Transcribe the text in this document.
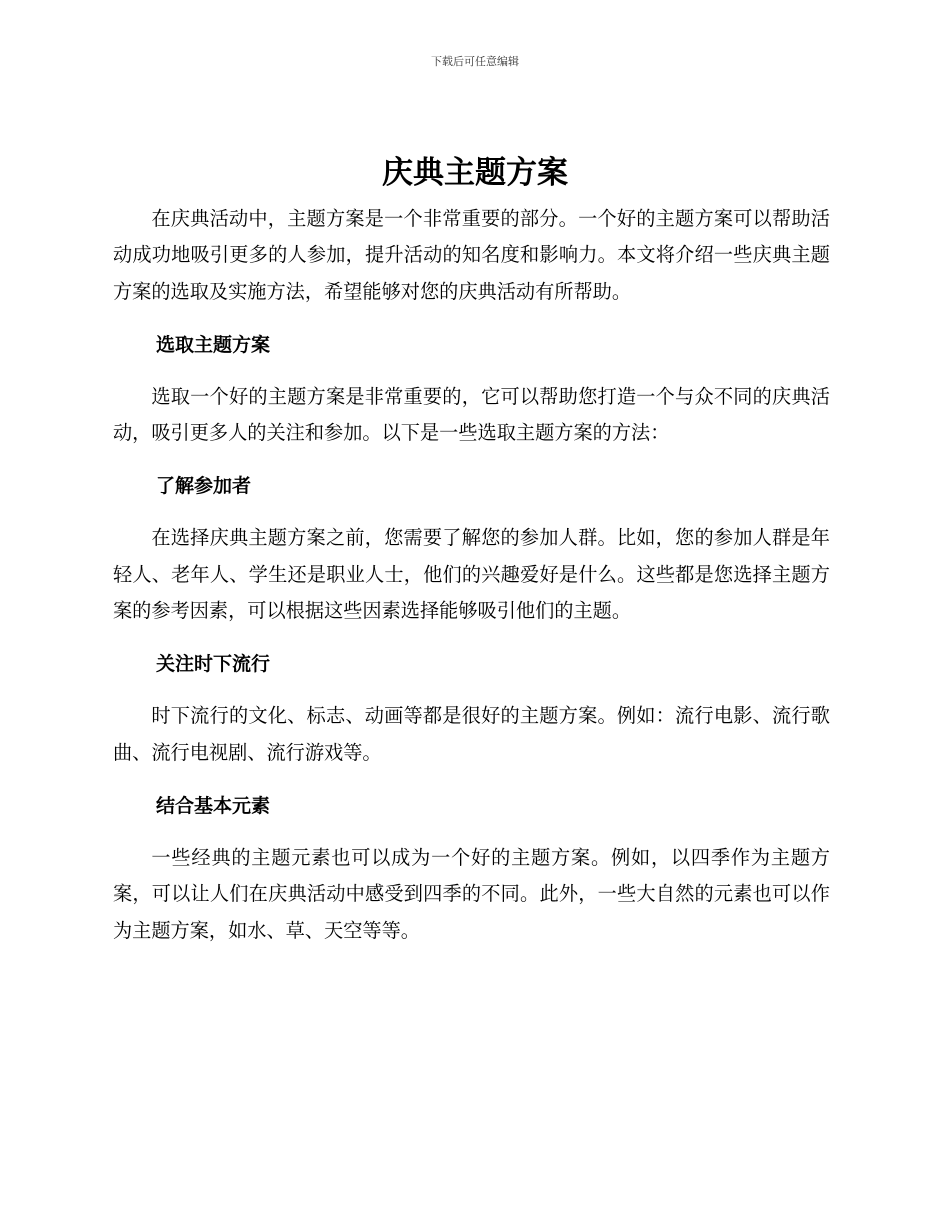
下载后可任意编辑
庆典主题方案

在庆典活动中，主题方案是一个非常重要的部分。一个好的主题方案可以帮助活动成功地吸引更多的人参加，提升活动的知名度和影响力。本文将介绍一些庆典主题方案的选取及实施方法，希望能够对您的庆典活动有所帮助。

选取主题方案

选取一个好的主题方案是非常重要的，它可以帮助您打造一个与众不同的庆典活动，吸引更多人的关注和参加。以下是一些选取主题方案的方法：

了解参加者

在选择庆典主题方案之前，您需要了解您的参加人群。比如，您的参加人群是年轻人、老年人、学生还是职业人士，他们的兴趣爱好是什么。这些都是您选择主题方案的参考因素，可以根据这些因素选择能够吸引他们的主题。

关注时下流行

时下流行的文化、标志、动画等都是很好的主题方案。例如：流行电影、流行歌曲、流行电视剧、流行游戏等。

结合基本元素

一些经典的主题元素也可以成为一个好的主题方案。例如，以四季作为主题方案，可以让人们在庆典活动中感受到四季的不同。此外，一些大自然的元素也可以作为主题方案，如水、草、天空等等。
